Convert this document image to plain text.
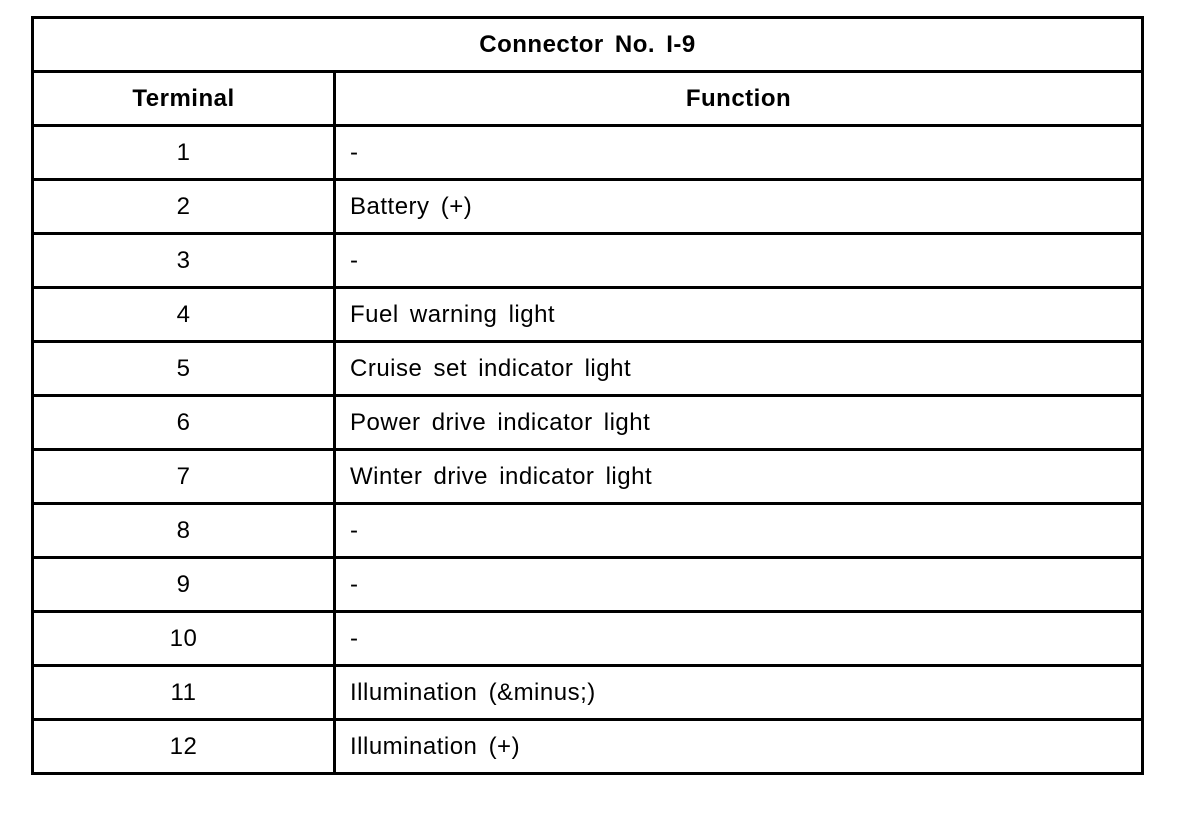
Connector No. I-9	
Terminal	Function
1	-
2	Battery (+)
3	-
4	Fuel warning light
5	Cruise set indicator light
6	Power drive indicator light
7	Winter drive indicator light
8	-
9	-
10	-
11	Illumination (&minus;)
12	Illumination (+)
